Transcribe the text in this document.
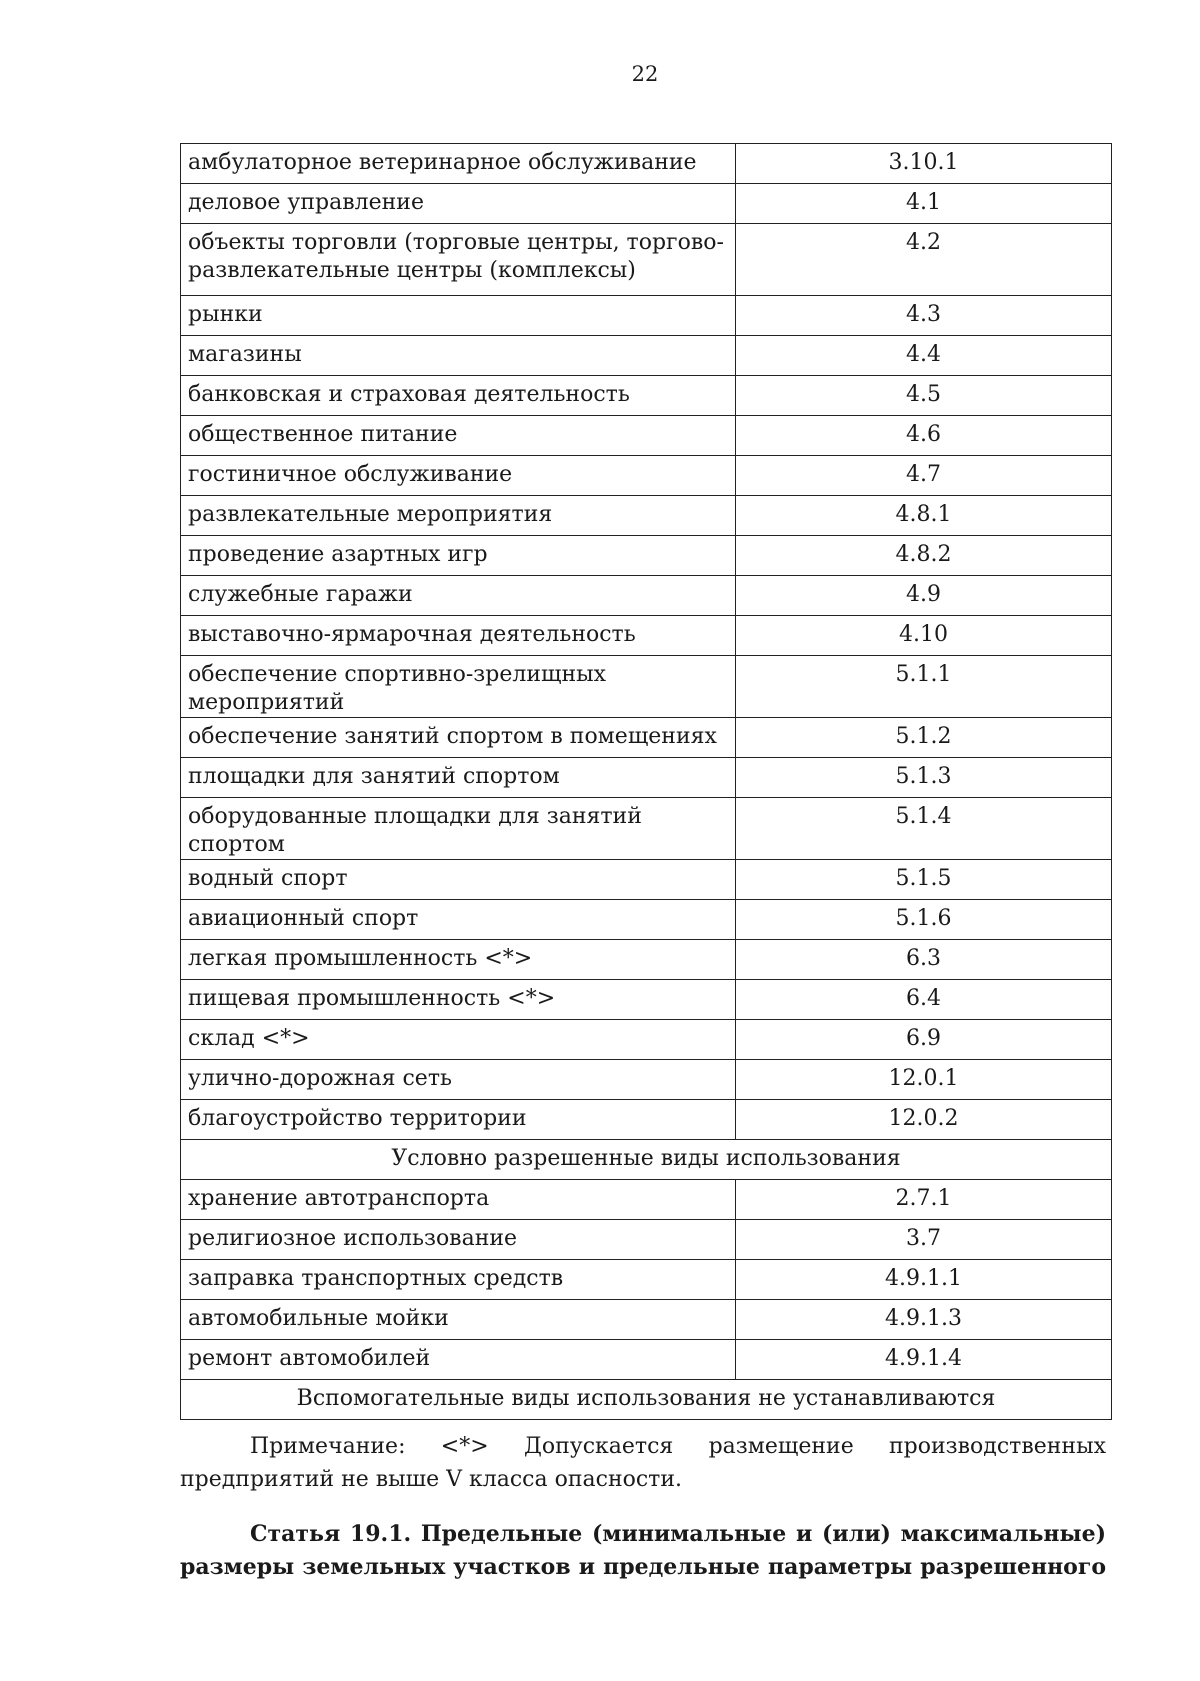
22
амбулаторное ветеринарное обслуживание	3.10.1
деловое управление	4.1
объекты торговли (торговые центры, торгово-развлекательные центры (комплексы)	4.2
рынки	4.3
магазины	4.4
банковская и страховая деятельность	4.5
общественное питание	4.6
гостиничное обслуживание	4.7
развлекательные мероприятия	4.8.1
проведение азартных игр	4.8.2
служебные гаражи	4.9
выставочно-ярмарочная деятельность	4.10
обеспечение спортивно-зрелищных мероприятий	5.1.1
обеспечение занятий спортом в помещениях	5.1.2
площадки для занятий спортом	5.1.3
оборудованные площадки для занятий спортом	5.1.4
водный спорт	5.1.5
авиационный спорт	5.1.6
легкая промышленность <*>	6.3
пищевая промышленность <*>	6.4
склад <*>	6.9
улично-дорожная сеть	12.0.1
благоустройство территории	12.0.2
Условно разрешенные виды использования	
хранение автотранспорта	2.7.1
религиозное использование	3.7
заправка транспортных средств	4.9.1.1
автомобильные мойки	4.9.1.3
ремонт автомобилей	4.9.1.4
Вспомогательные виды использования не устанавливаются	

Примечание: <*> Допускается размещение производственных предприятий не выше V класса опасности.

Статья 19.1. Предельные (минимальные и (или) максимальные) размеры земельных участков и предельные параметры разрешенного
